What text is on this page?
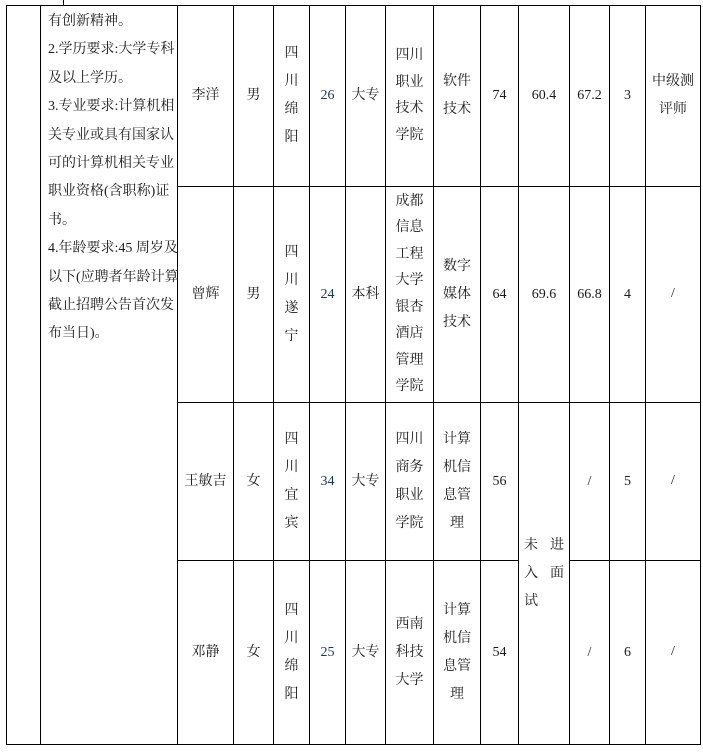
	有创新精神。
2.学历要求:大学专科及以上学历。
3.专业要求:计算机相关专业或具有国家认可的计算机相关专业职业资格(含职称)证书。
4.年龄要求:45 周岁及以下(应聘者年龄计算截止招聘公告首次发布当日)。	李洋	男	四川绵阳	26	大专	四川职业技术学院	软件技术	74	60.4	67.2	3	中级测评师
		曾辉	男	四川遂宁	24	本科	成都信息工程大学银杏酒店管理学院	数字媒体技术	64	69.6	66.8	4	/
		王敏吉	女	四川宜宾	34	大专	四川商务职业学院	计算机信息管理	56	未进入面试	/	5	/
		邓静	女	四川绵阳	25	大专	西南科技大学	计算机信息管理	54		/	6	/
